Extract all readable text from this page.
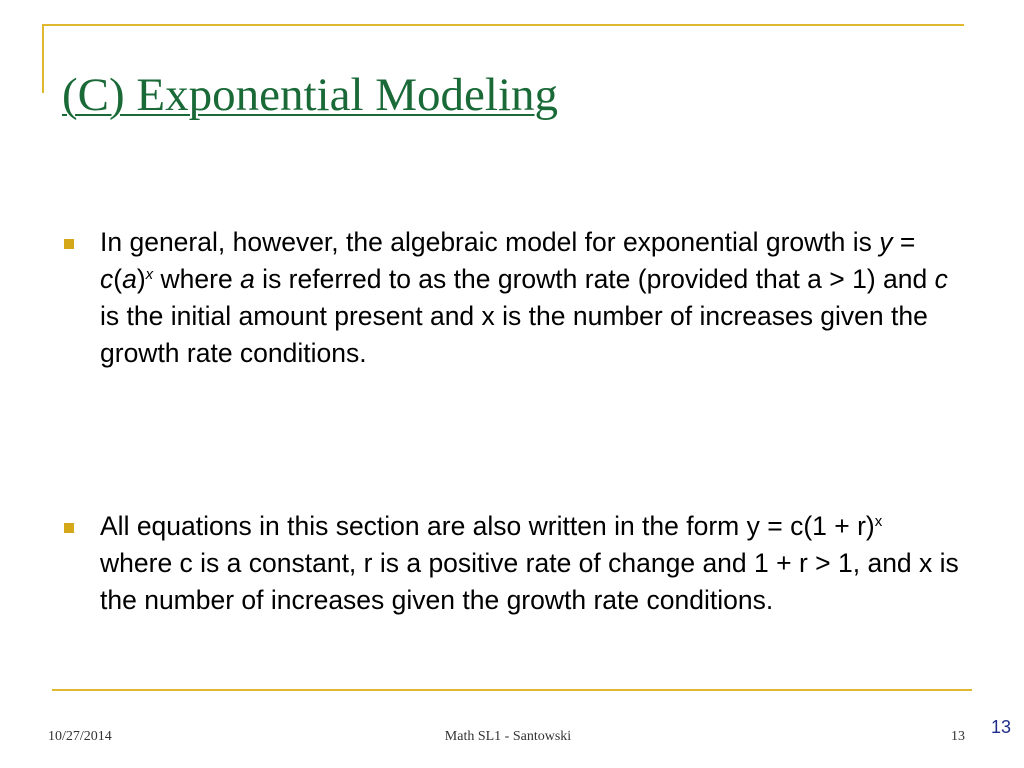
(C) Exponential Modeling
In general, however, the algebraic model for exponential growth is $y = c(a)^x$ where a is referred to as the growth rate (provided that a > 1) and c is the initial amount present and x is the number of increases given the growth rate conditions.
All equations in this section are also written in the form $y = c(1 + r)^x$  where c is a constant, r is a positive rate of change and 1 + r > 1, and x is the number of increases given the growth rate conditions.
10/27/2014	Math SL1 - Santowski	13 13
